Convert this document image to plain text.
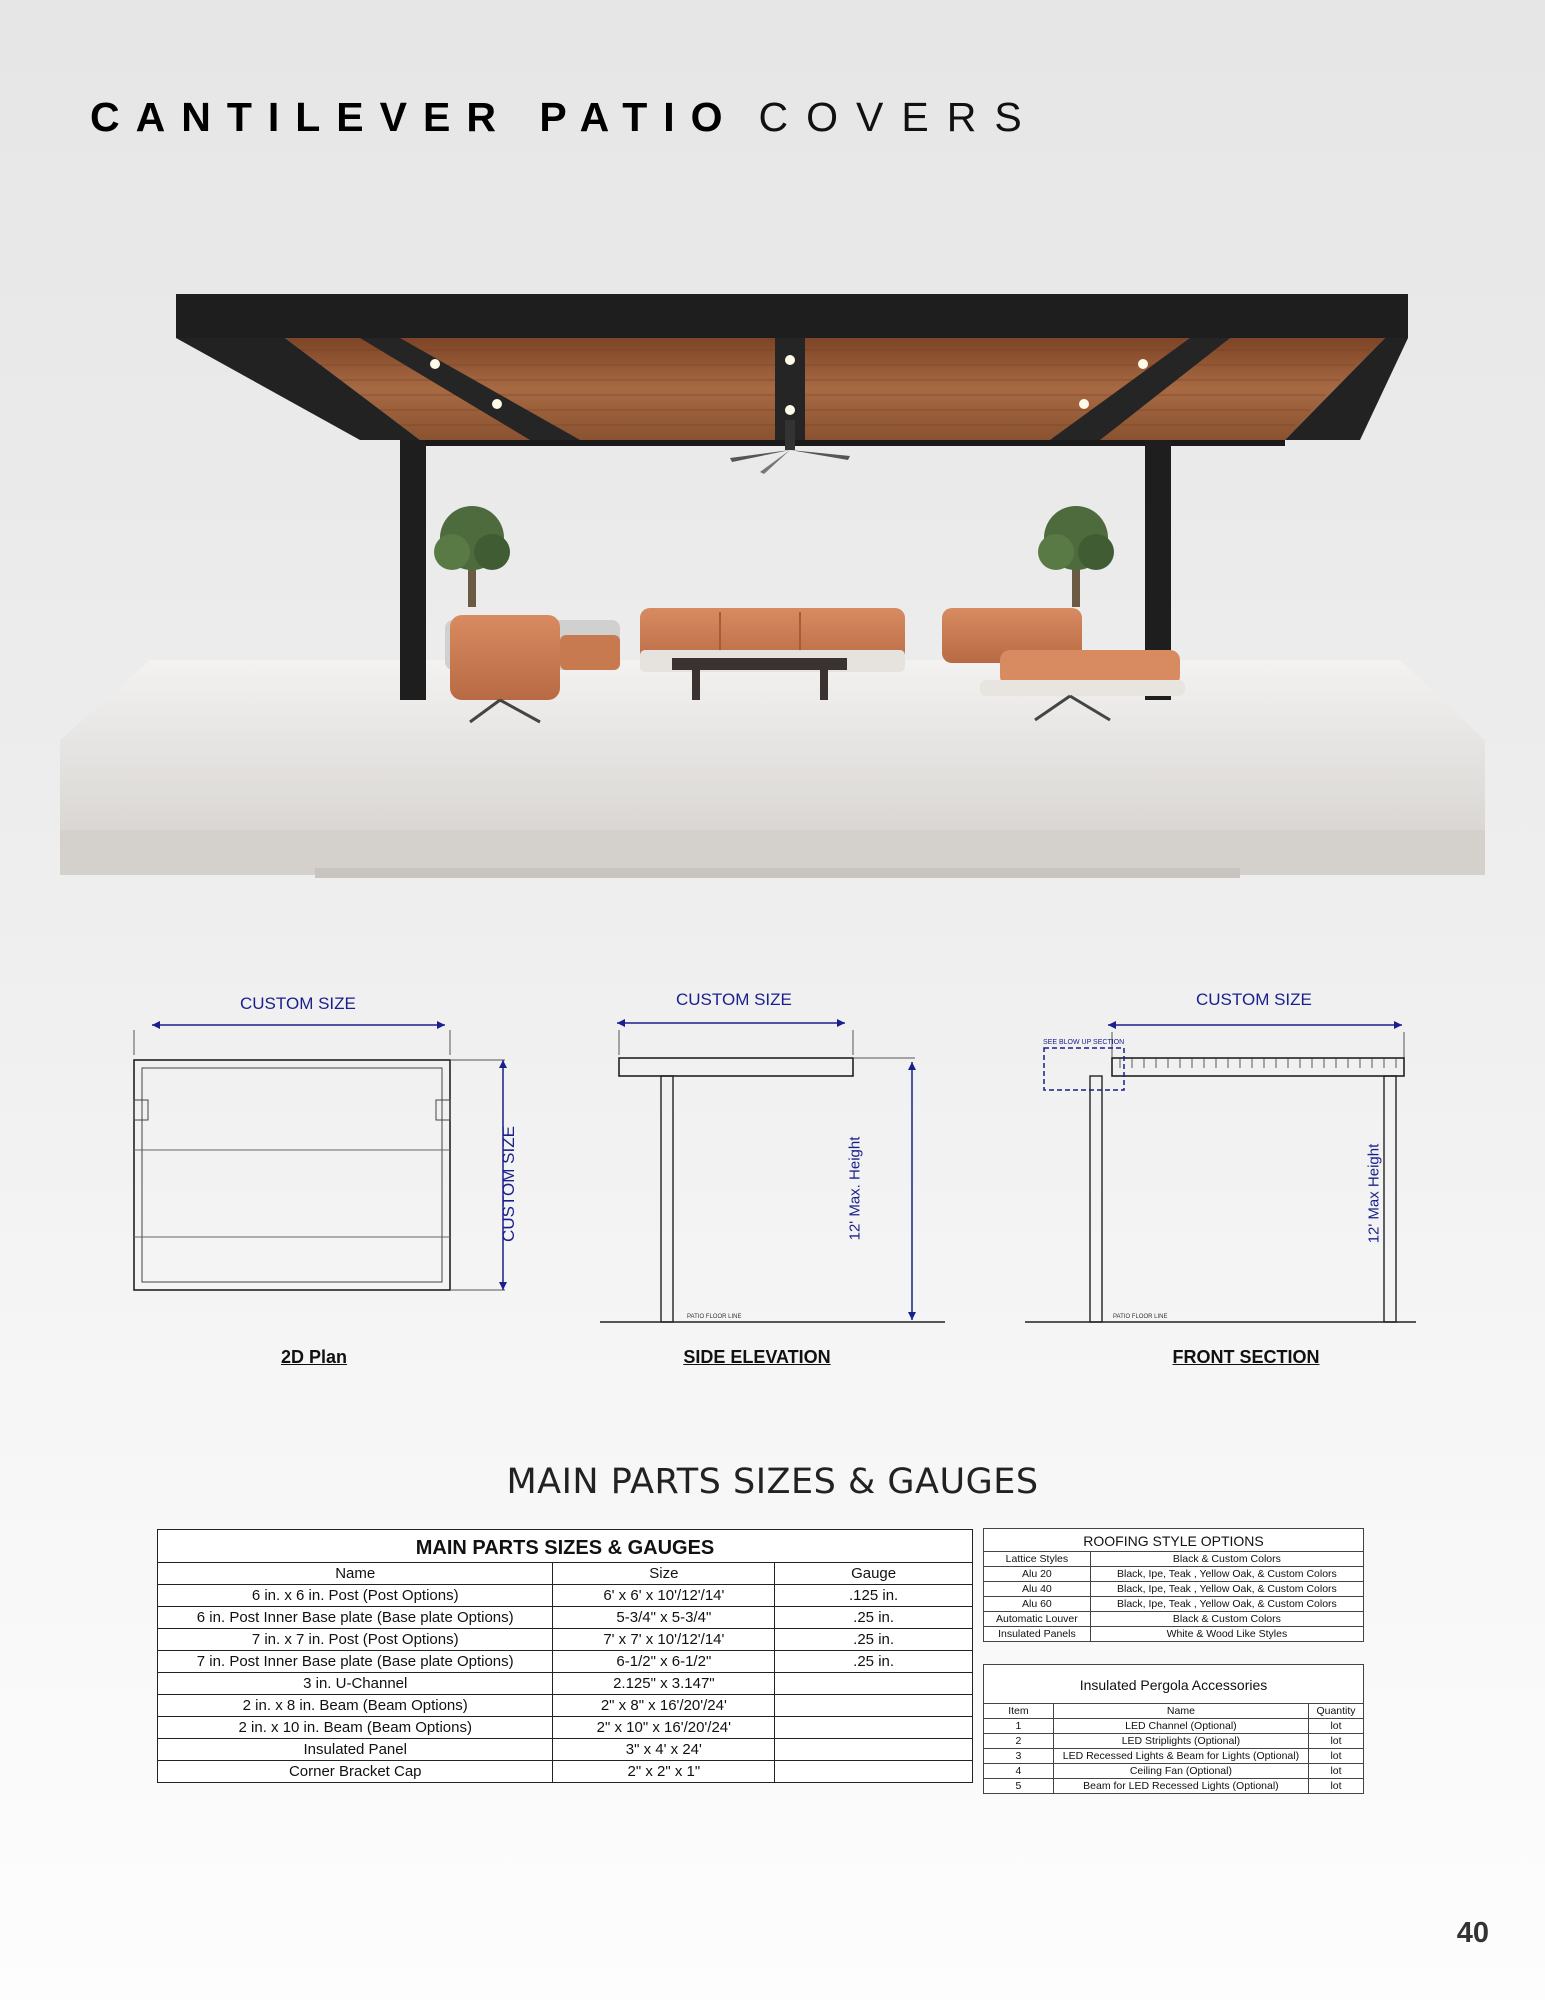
CANTILEVER PATIO COVERS
CUSTOM SIZE
CUSTOM SIZE
2D Plan
CUSTOM SIZE
12' Max. Height
PATIO FLOOR LINE
SIDE ELEVATION
CUSTOM SIZE
SEE BLOW UP SECTION
12' Max Height
PATIO FLOOR LINE
FRONT SECTION
MAIN PARTS SIZES & GAUGES
MAIN PARTS SIZES & GAUGES
Name	Size	Gauge
6 in. x 6 in. Post (Post Options)	6' x 6' x 10'/12'/14'	.125 in.
6 in. Post Inner Base plate (Base plate Options)	5-3/4" x 5-3/4"	.25 in.
7 in. x 7 in. Post (Post Options)	7' x 7' x 10'/12'/14'	.25 in.
7 in. Post Inner Base plate (Base plate Options)	6-1/2" x 6-1/2"	.25 in.
3 in. U-Channel	2.125" x 3.147"	
2 in. x 8 in. Beam (Beam Options)	2" x 8" x 16'/20'/24'	
2 in. x 10 in. Beam (Beam Options)	2" x 10" x 16'/20'/24'	
Insulated Panel	3" x 4' x 24'	
Corner Bracket Cap	2" x 2" x 1"	
ROOFING STYLE OPTIONS
Lattice Styles	Black & Custom Colors
Alu 20	Black, Ipe, Teak , Yellow Oak, & Custom Colors
Alu 40	Black, Ipe, Teak , Yellow Oak, & Custom Colors
Alu 60	Black, Ipe, Teak , Yellow Oak, & Custom Colors
Automatic Louver	Black & Custom Colors
Insulated Panels	White & Wood Like Styles
Insulated Pergola Accessories
Item	Name	Quantity
1	LED Channel (Optional)	lot
2	LED Striplights (Optional)	lot
3	LED Recessed Lights & Beam for Lights (Optional)	lot
4	Ceiling Fan (Optional)	lot
5	Beam for LED Recessed Lights (Optional)	lot
40
